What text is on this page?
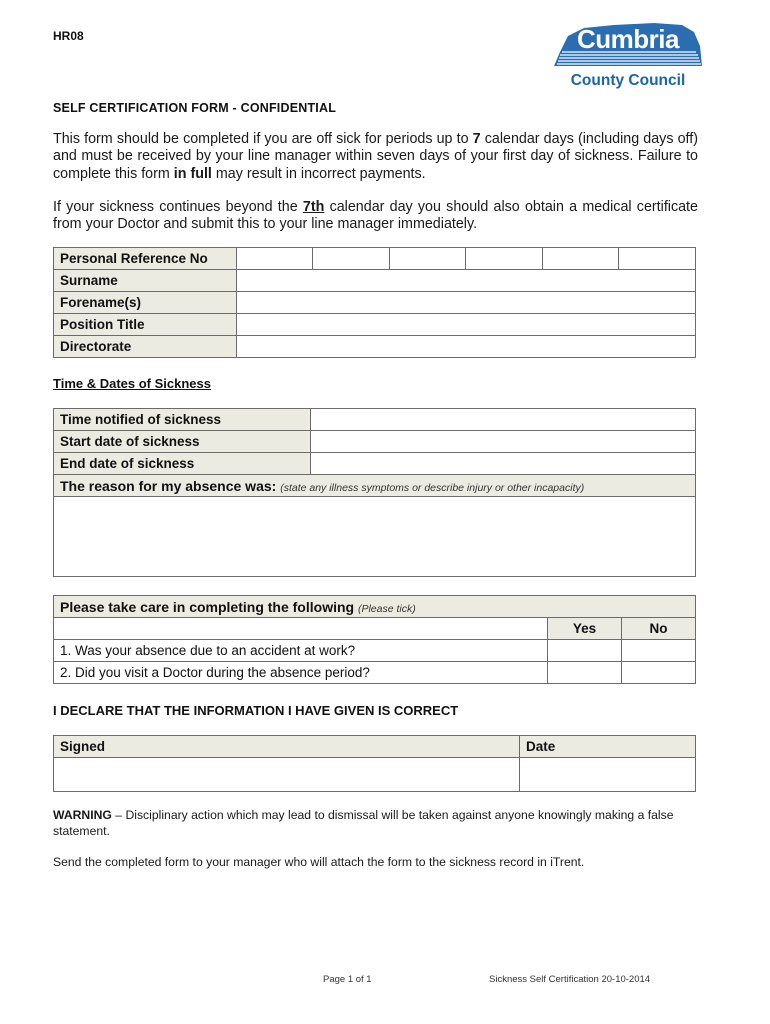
HR08	Cumbria
County Council
SELF CERTIFICATION FORM - CONFIDENTIAL
This form should be completed if you are off sick for periods up to 7 calendar days (including days off) and must be received by your line manager within seven days of your first day of sickness. Failure to complete this form in full may result in incorrect payments.
If your sickness continues beyond the 7th calendar day you should also obtain a medical certificate from your Doctor and submit this to your line manager immediately.
Personal Reference No						
Surname						
Forename(s)						
Position Title						
Directorate						
Time & Dates of Sickness
Time notified of sickness	
Start date of sickness	
End date of sickness	
The reason for my absence was: (state any illness symptoms or describe injury or other incapacity)	

Please take care in completing the following (Please tick)		
	Yes	No
1. Was your absence due to an accident at work?		
2. Did you visit a Doctor during the absence period?		
I DECLARE THAT THE INFORMATION I HAVE GIVEN IS CORRECT
Signed	Date

WARNING – Disciplinary action which may lead to dismissal will be taken against anyone knowingly making a false statement.
Send the completed form to your manager who will attach the form to the sickness record in iTrent.
Page 1 of 1	Sickness Self Certification 20-10-2014
